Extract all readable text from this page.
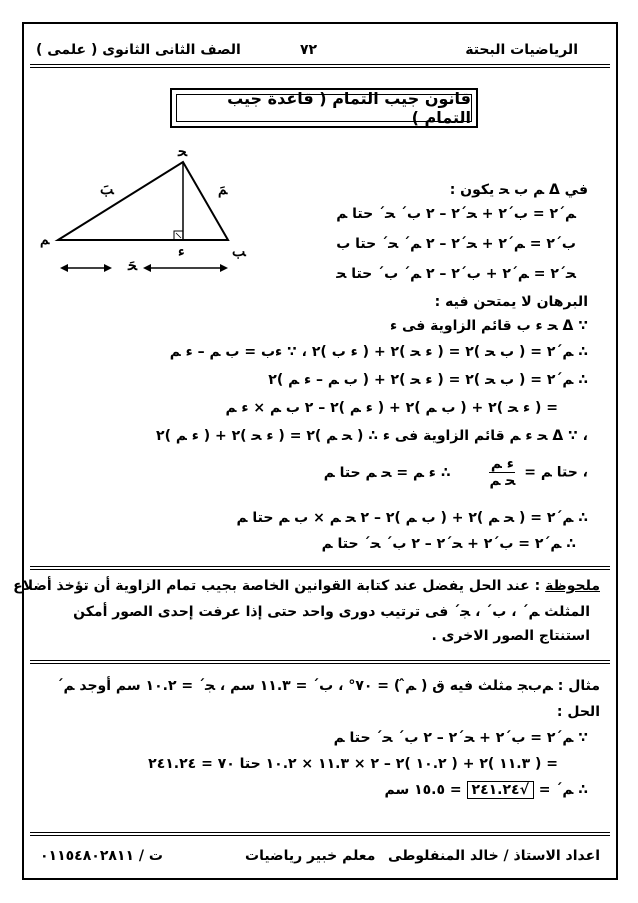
الرياضيات البحتة
٧٢
الصف الثانى الثانوى ( علمى )
قانون جيب التمام ( قاعدة جيب التمام )
ﺤ
ﻢ
ﺐ
ﺀ
ﺐَ	ﻢَ
ﺤَ
في Δ ﻢ ب ﺤ يكون :
ﻢ´٢ = ب´٢ + ﺤ´٢ – ٢ ب´ ﺤ´ حتا ﻢ
ب´٢ = ﻢ´٢ + ﺤ´٢ – ٢ ﻢ´ ﺤ´ حتا ب
ﺤ´٢ = ﻢ´٢ + ب´٢ – ٢ ﻢ´ ب´ حتا ﺤ
البرهان لا يمتحن فيه :
∵ Δ ﺤ ء ب قائم الزاوية فى ء
∴ ﻢ´٢ = ( ب ﺤ )٢ = ( ء ﺤ )٢ + ( ء ب )٢ ، ∵ ءب = ب ﻢ – ء ﻢ
∴ ﻢ´٢ = ( ب ﺤ )٢ = ( ء ﺤ )٢ + ( ب ﻢ – ء ﻢ )٢
= ( ء ﺤ )٢ + ( ب ﻢ )٢ + ( ء ﻢ )٢ – ٢ ب ﻢ × ء ﻢ
، ∵ Δ ﺤ ء ﻢ قائم الزاوية فى ء ∴ ( ﺤ ﻢ )٢ = ( ء ﺤ )٢ + ( ء ﻢ )٢
، حتا ﻢ =
$\frac{\text{ء ﻢ}}{\text{ﺤ ﻢ}}$
∴ ء ﻢ = ﺤ ﻢ حتا ﻢ
∴ ﻢ´٢ = ( ﺤ ﻢ )٢ + ( ب ﻢ )٢ – ٢ ﺤ ﻢ × ب ﻢ حتا ﻢ
∴ ﻢ´٢ = ب´٢ + ﺤ´٢ – ٢ ب´ ﺤ´ حتا ﻢ
ملحوظة : عند الحل يفضل عند كتابة القوانين الخاصة بجيب تمام الزاوية أن تؤخذ أضلاع
المثلث ﻢ´ ، ب´ ، ﺠ´ فى ترتيب دورى واحد حتى إذا عرفت إحدى الصور أمكن
استنتاج الصور الاخرى .
مثال : ﻢبﺠ مثلث فيه ق ( ﻢ̂ ) = ٧٠° ، ب´ = ١١.٣ سم ، ﺠ´ = ١٠.٢ سم أوجد ﻢ´
الحل :
∵ ﻢ´٢ = ب´٢ + ﺤ´٢ – ٢ ب´ ﺤ´ حتا ﻢ
= ( ١١.٣ )٢ + ( ١٠.٢ )٢ – ٢ × ١١.٣ × ١٠.٢ حتا ٧٠ = ٢٤١.٢٤
∴ ﻢ´ = √٢٤١.٢٤ = ١٥.٥ سم
اعداد الاستاذ / خالد المنفلوطى
معلم خبير رياضيات
ت / ٠١١٥٤٨٠٢٨١١
